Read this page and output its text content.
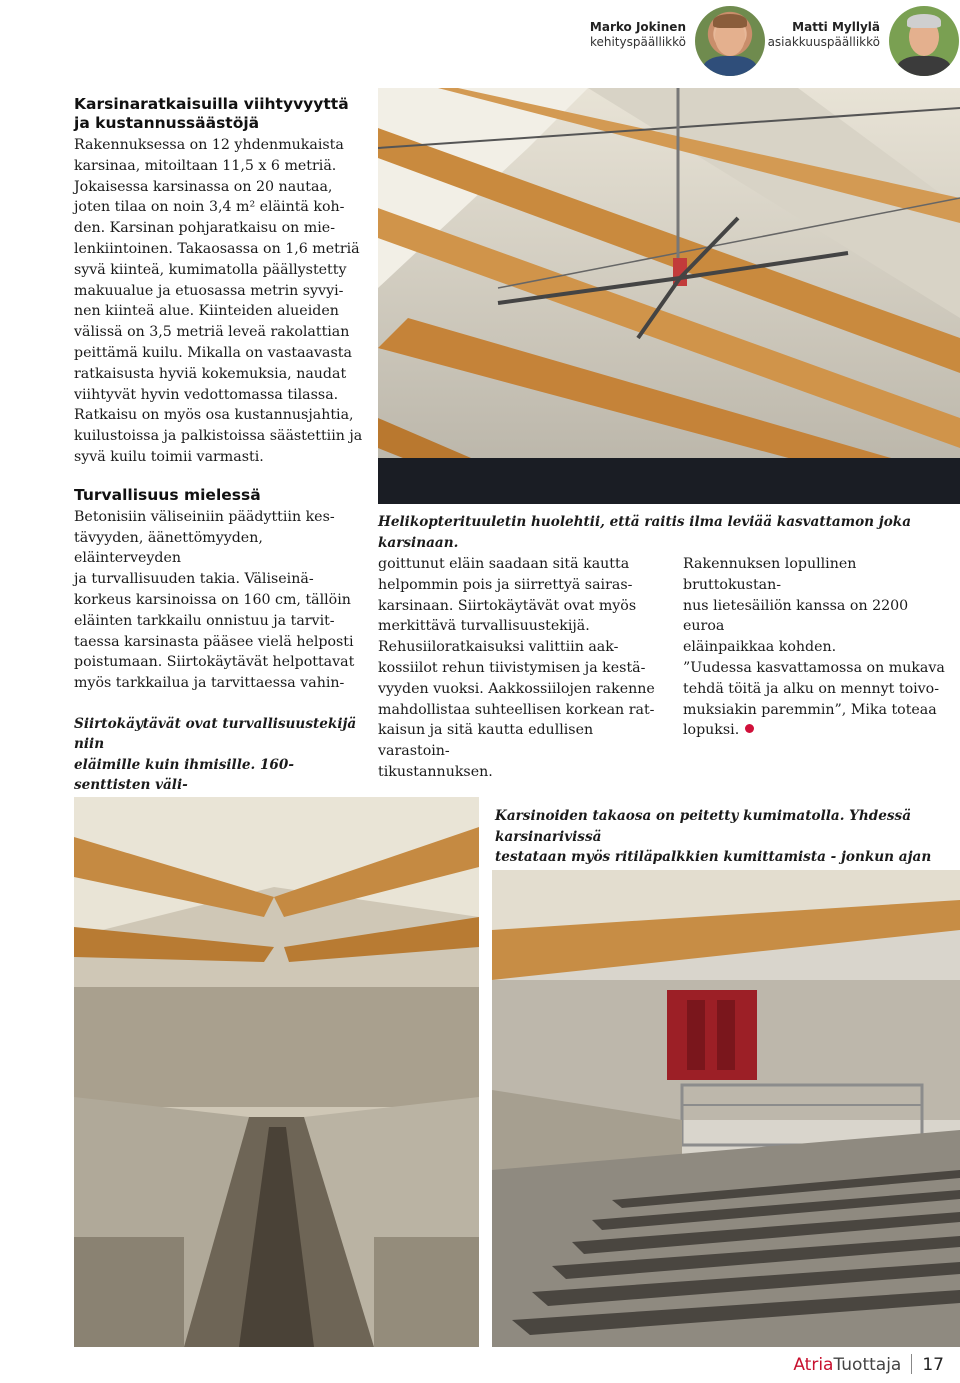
Marko Jokinen
kehityspäällikkö
Matti Myllylä
asiakkuuspäällikkö
Karsinaratkaisuilla viihtyvyyttä ja kustannussäästöjä

Rakennuksessa on 12 yhdenmukaista
karsinaa, mitoiltaan 11,5 x 6 metriä.
Jokaisessa karsinassa on 20 nautaa,
joten tilaa on noin 3,4 m² eläintä koh-
den. Karsinan pohjaratkaisu on mie-
lenkiintoinen. Takaosassa on 1,6 metriä
syvä kiinteä, kumimatolla päällystetty
makuualue ja etuosassa metrin syvyi-
nen kiinteä alue. Kiinteiden alueiden
välissä on 3,5 metriä leveä rakolattian
peittämä kuilu. Mikalla on vastaavasta
ratkaisusta hyviä kokemuksia, naudat
viihtyvät hyvin vedottomassa tilassa.
Ratkaisu on myös osa kustannusjahtia,
kuilustoissa ja palkistoissa säästettiin ja
syvä kuilu toimii varmasti.

Turvallisuus mielessä

Betonisiin väliseiniin päädyttiin kes-
tävyyden, äänettömyyden, eläinterveyden
ja turvallisuuden takia. Väliseinä-
korkeus karsinoissa on 160 cm, tällöin
eläinten tarkkailu onnistuu ja tarvit-
taessa karsinasta pääsee vielä helposti
poistumaan. Siirtokäytävät helpottavat
myös tarkkailua ja tarvittaessa vahin-

Siirtokäytävät ovat turvallisuustekijä niin
eläimille kuin ihmisille. 160-senttisten väli-

Helikopterituuletin huolehtii, että raitis ilma leviää kasvattamon joka karsinaan.

goittunut eläin saadaan sitä kautta
helpommin pois ja siirrettyä sairas-
karsinaan. Siirtokäytävät ovat myös
merkittävä turvallisuustekijä.

Rehusiiloratkaisuksi valittiin aak-
kossiilot rehun tiivistymisen ja kestä-
vyyden vuoksi. Aakkossiilojen rakenne
mahdollistaa suhteellisen korkean rat-
kaisun ja sitä kautta edullisen varastoin-
tikustannuksen.

Rakennuksen lopullinen bruttokustan-
nus lietesäiliön kanssa on 2200 euroa
eläinpaikkaa kohden.

”Uudessa kasvattamossa on mukava
tehdä töitä ja alku on mennyt toivo-
muksiakin paremmin”, Mika toteaa
lopuksi.

Karsinoiden takaosa on peitetty kumimatolla. Yhdessä karsinarivissä
testataan myös ritiläpalkkien kumittamista - jonkun ajan

AtriaTuottaja 17
